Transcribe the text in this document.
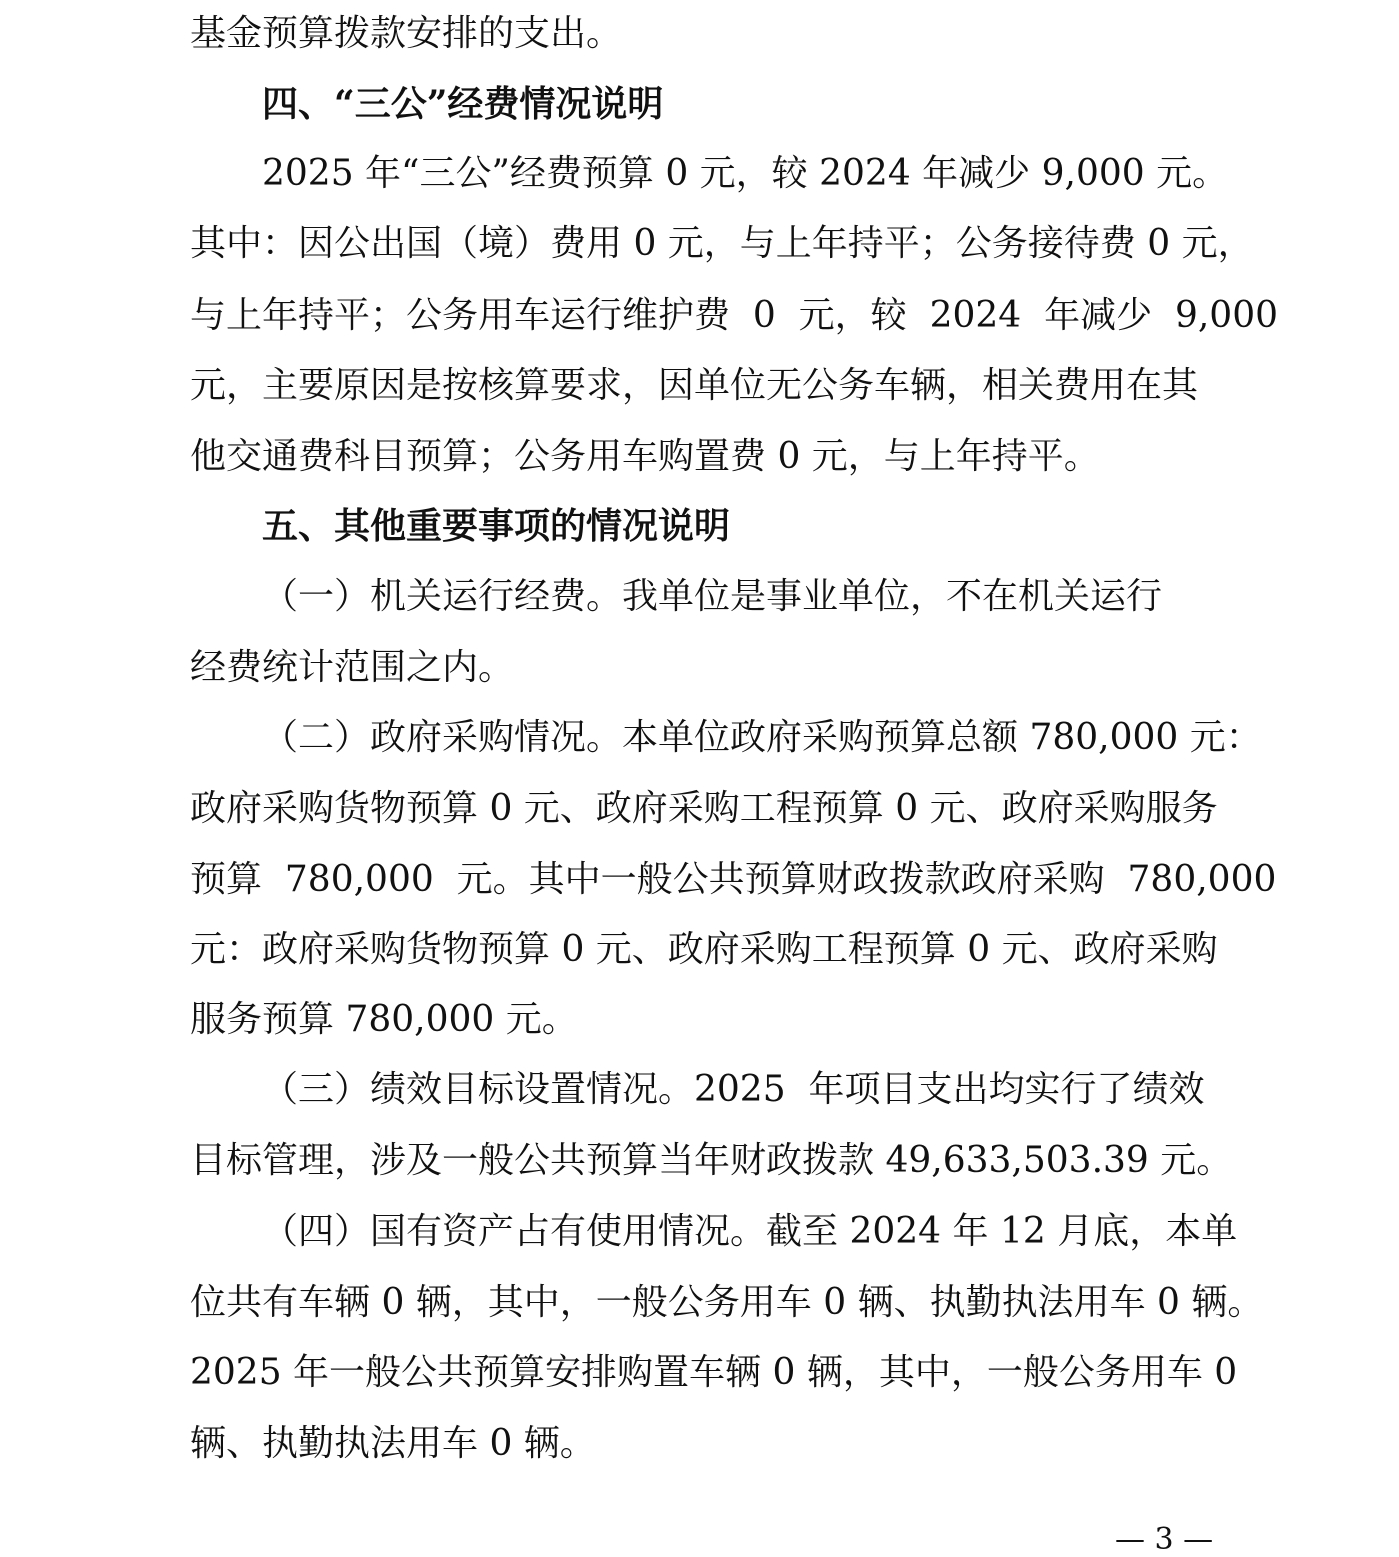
基金预算拨款安排的支出。
四、“三公”经费情况说明
2025 年“三公”经费预算 0 元，较 2024 年减少 9,000 元。
其中：因公出国（境）费用 0 元，与上年持平；公务接待费 0 元，
与上年持平；公务用车运行维护费  0  元，较  2024  年减少  9,000
元，主要原因是按核算要求，因单位无公务车辆，相关费用在其
他交通费科目预算；公务用车购置费 0 元，与上年持平。
五、其他重要事项的情况说明
（一）机关运行经费。我单位是事业单位，不在机关运行
经费统计范围之内。
（二）政府采购情况。本单位政府采购预算总额 780,000 元：
政府采购货物预算 0 元、政府采购工程预算 0 元、政府采购服务
预算  780,000  元。其中一般公共预算财政拨款政府采购  780,000
元：政府采购货物预算 0 元、政府采购工程预算 0 元、政府采购
服务预算 780,000 元。
（三）绩效目标设置情况。2025  年项目支出均实行了绩效
目标管理，涉及一般公共预算当年财政拨款 49,633,503.39 元。
（四）国有资产占有使用情况。截至 2024 年 12 月底，本单
位共有车辆 0 辆，其中，一般公务用车 0 辆、执勤执法用车 0 辆。
2025 年一般公共预算安排购置车辆 0 辆，其中，一般公务用车 0
辆、执勤执法用车 0 辆。
— 3 —
